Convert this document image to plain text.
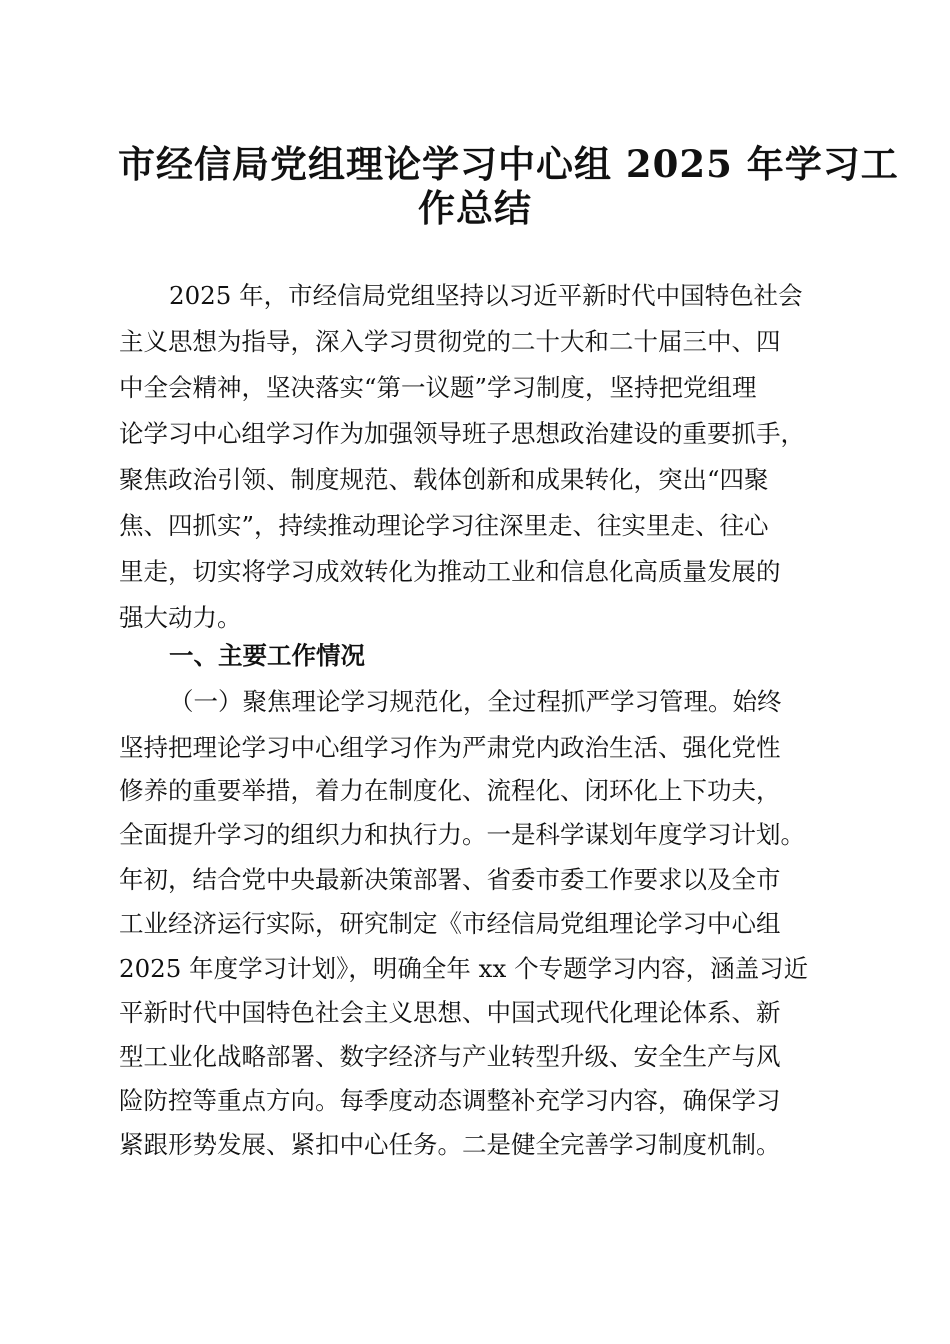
市经信局党组理论学习中心组 2025 年学习工
作总结
2025 年，市经信局党组坚持以习近平新时代中国特色社会
主义思想为指导，深入学习贯彻党的二十大和二十届三中、四
中全会精神，坚决落实“第一议题”学习制度，坚持把党组理
论学习中心组学习作为加强领导班子思想政治建设的重要抓手，
聚焦政治引领、制度规范、载体创新和成果转化，突出“四聚
焦、四抓实”，持续推动理论学习往深里走、往实里走、往心
里走，切实将学习成效转化为推动工业和信息化高质量发展的
强大动力。
一、主要工作情况
（一）聚焦理论学习规范化，全过程抓严学习管理。始终
坚持把理论学习中心组学习作为严肃党内政治生活、强化党性
修养的重要举措，着力在制度化、流程化、闭环化上下功夫，
全面提升学习的组织力和执行力。一是科学谋划年度学习计划。
年初，结合党中央最新决策部署、省委市委工作要求以及全市
工业经济运行实际，研究制定《市经信局党组理论学习中心组
2025 年度学习计划》，明确全年 xx 个专题学习内容，涵盖习近
平新时代中国特色社会主义思想、中国式现代化理论体系、新
型工业化战略部署、数字经济与产业转型升级、安全生产与风
险防控等重点方向。每季度动态调整补充学习内容，确保学习
紧跟形势发展、紧扣中心任务。二是健全完善学习制度机制。
